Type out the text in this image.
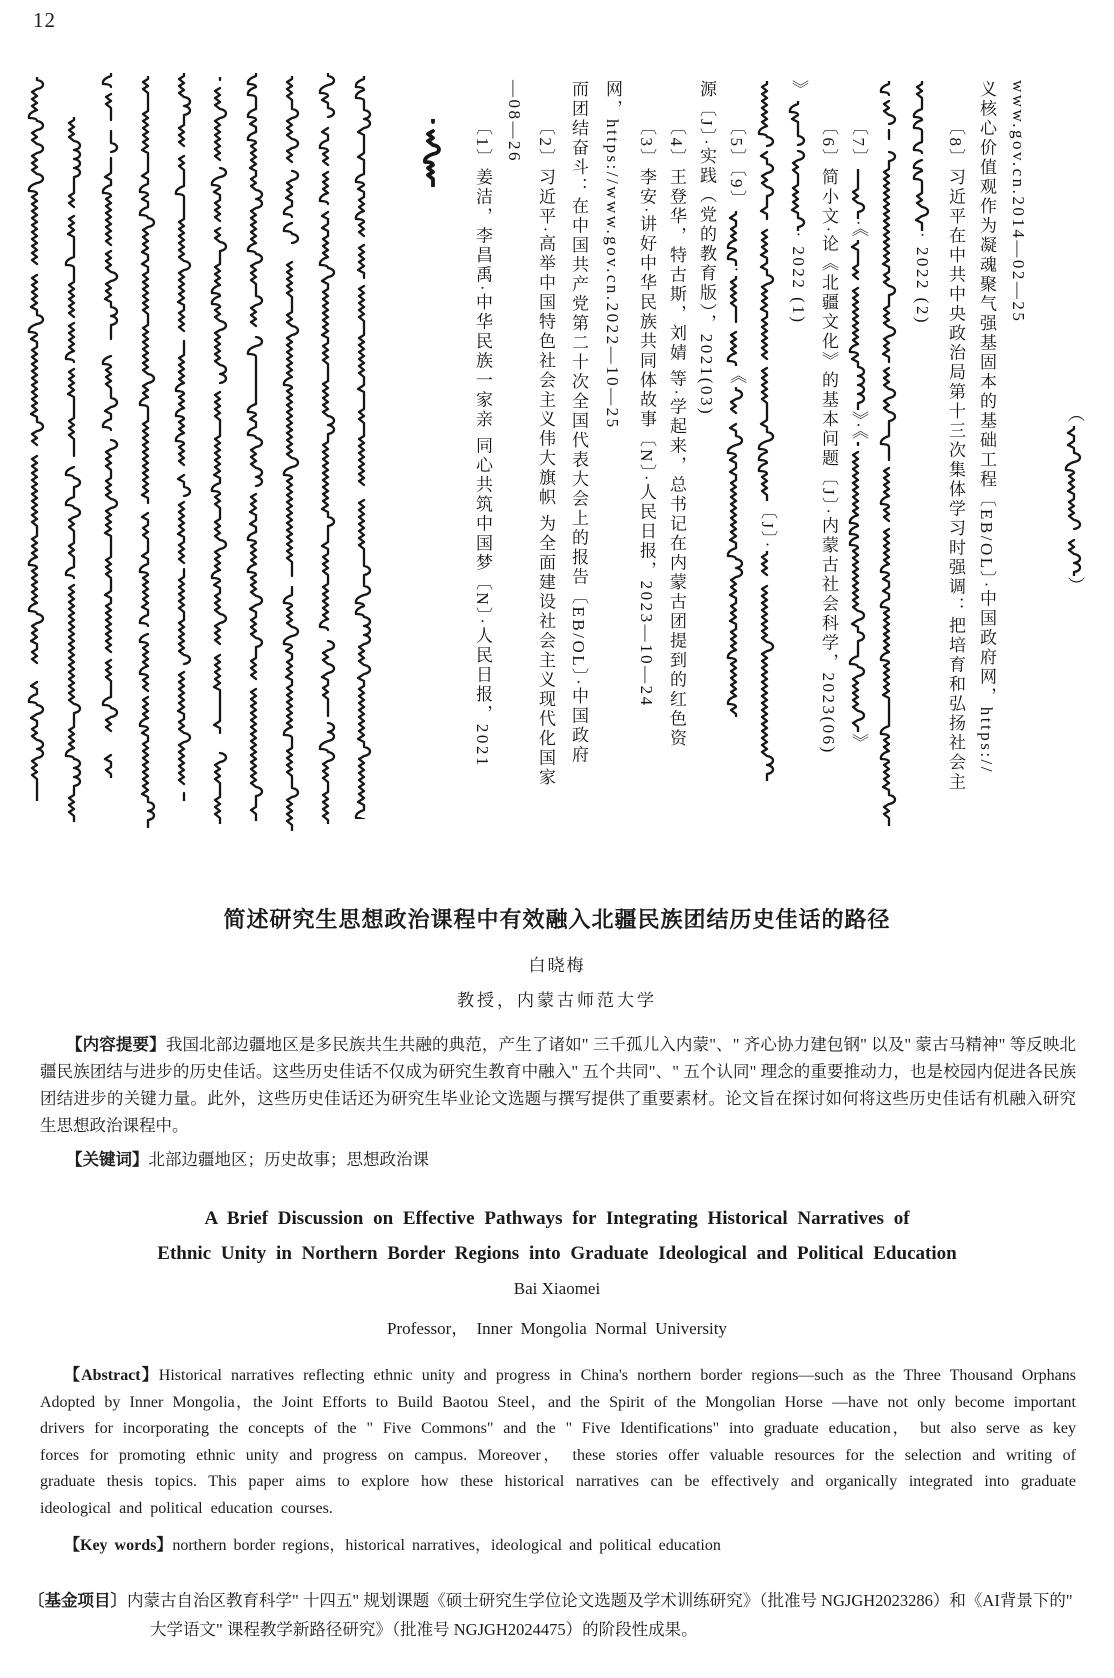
12
〔1〕姜洁，李昌禹·中华民族一家亲 同心共筑中国梦〔N〕·人民日报，2021 —08—26 〔2〕习近平·高举中国特色社会主义伟大旗帜 为全面建设社会主义现代化国家 而团结奋斗：在中国共产党第二十次全国代表大会上的报告〔EB/OL〕·中国政府 网，https://www.gov.cn.2022—10—25 〔3〕李安·讲好中华民族共同体故事〔N〕·人民日报，2023—10—24 〔4〕王登华，特古斯，刘婧 等·学起来，总书记在内蒙古团提到的红色资 源〔J〕·实践（党的教育版），2021(03) 〔5〕〔9〕·《
〔J〕·
》· 2022 (1) 〔6〕简小文·论《北疆文化》的基本问题〔J〕·内蒙古社会科学，2023(06) 〔7〕·《》·《》
· 2022 (2) 〔8〕习近平在中共中央政治局第十三次集体学习时强调：把培育和弘扬社会主 义核心价值观作为凝魂聚气强基固本的基础工程〔EB/OL〕·中国政府网，https:// www.gov.cn.2014—02—25
（）
简述研究生思想政治课程中有效融入北疆民族团结历史佳话的路径
白晓梅
教授，内蒙古师范大学
【内容提要】我国北部边疆地区是多民族共生共融的典范，产生了诸如" 三千孤儿入内蒙"、" 齐心协力建包钢" 以及" 蒙古马精神" 等反映北疆民族团结与进步的历史佳话。这些历史佳话不仅成为研究生教育中融入" 五个共同"、" 五个认同" 理念的重要推动力，也是校园内促进各民族团结进步的关键力量。此外，这些历史佳话还为研究生毕业论文选题与撰写提供了重要素材。论文旨在探讨如何将这些历史佳话有机融入研究生思想政治课程中。
【关键词】北部边疆地区；历史故事；思想政治课
A Brief Discussion on Effective Pathways for Integrating Historical Narratives of
Ethnic Unity in Northern Border Regions into Graduate Ideological and Political Education
Bai Xiaomei
Professor， Inner Mongolia Normal University
【Abstract】Historical narratives reflecting ethnic unity and progress in China's northern border regions—such as the Three Thousand Orphans Adopted by Inner Mongolia，the Joint Efforts to Build Baotou Steel，and the Spirit of the Mongolian Horse —have not only become important drivers for incorporating the concepts of the " Five Commons" and the " Five Identifications" into graduate education， but also serve as key forces for promoting ethnic unity and progress on campus. Moreover， these stories offer valuable resources for the selection and writing of graduate thesis topics. This paper aims to explore how these historical narratives can be effectively and organically integrated into graduate ideological and political education courses.
【Key words】northern border regions，historical narratives，ideological and political education
〔基金项目〕内蒙古自治区教育科学" 十四五" 规划课题《硕士研究生学位论文选题及学术训练研究》（批准号 NGJGH2023286）和《AI背景下的" 大学语文" 课程教学新路径研究》（批准号 NGJGH2024475）的阶段性成果。
